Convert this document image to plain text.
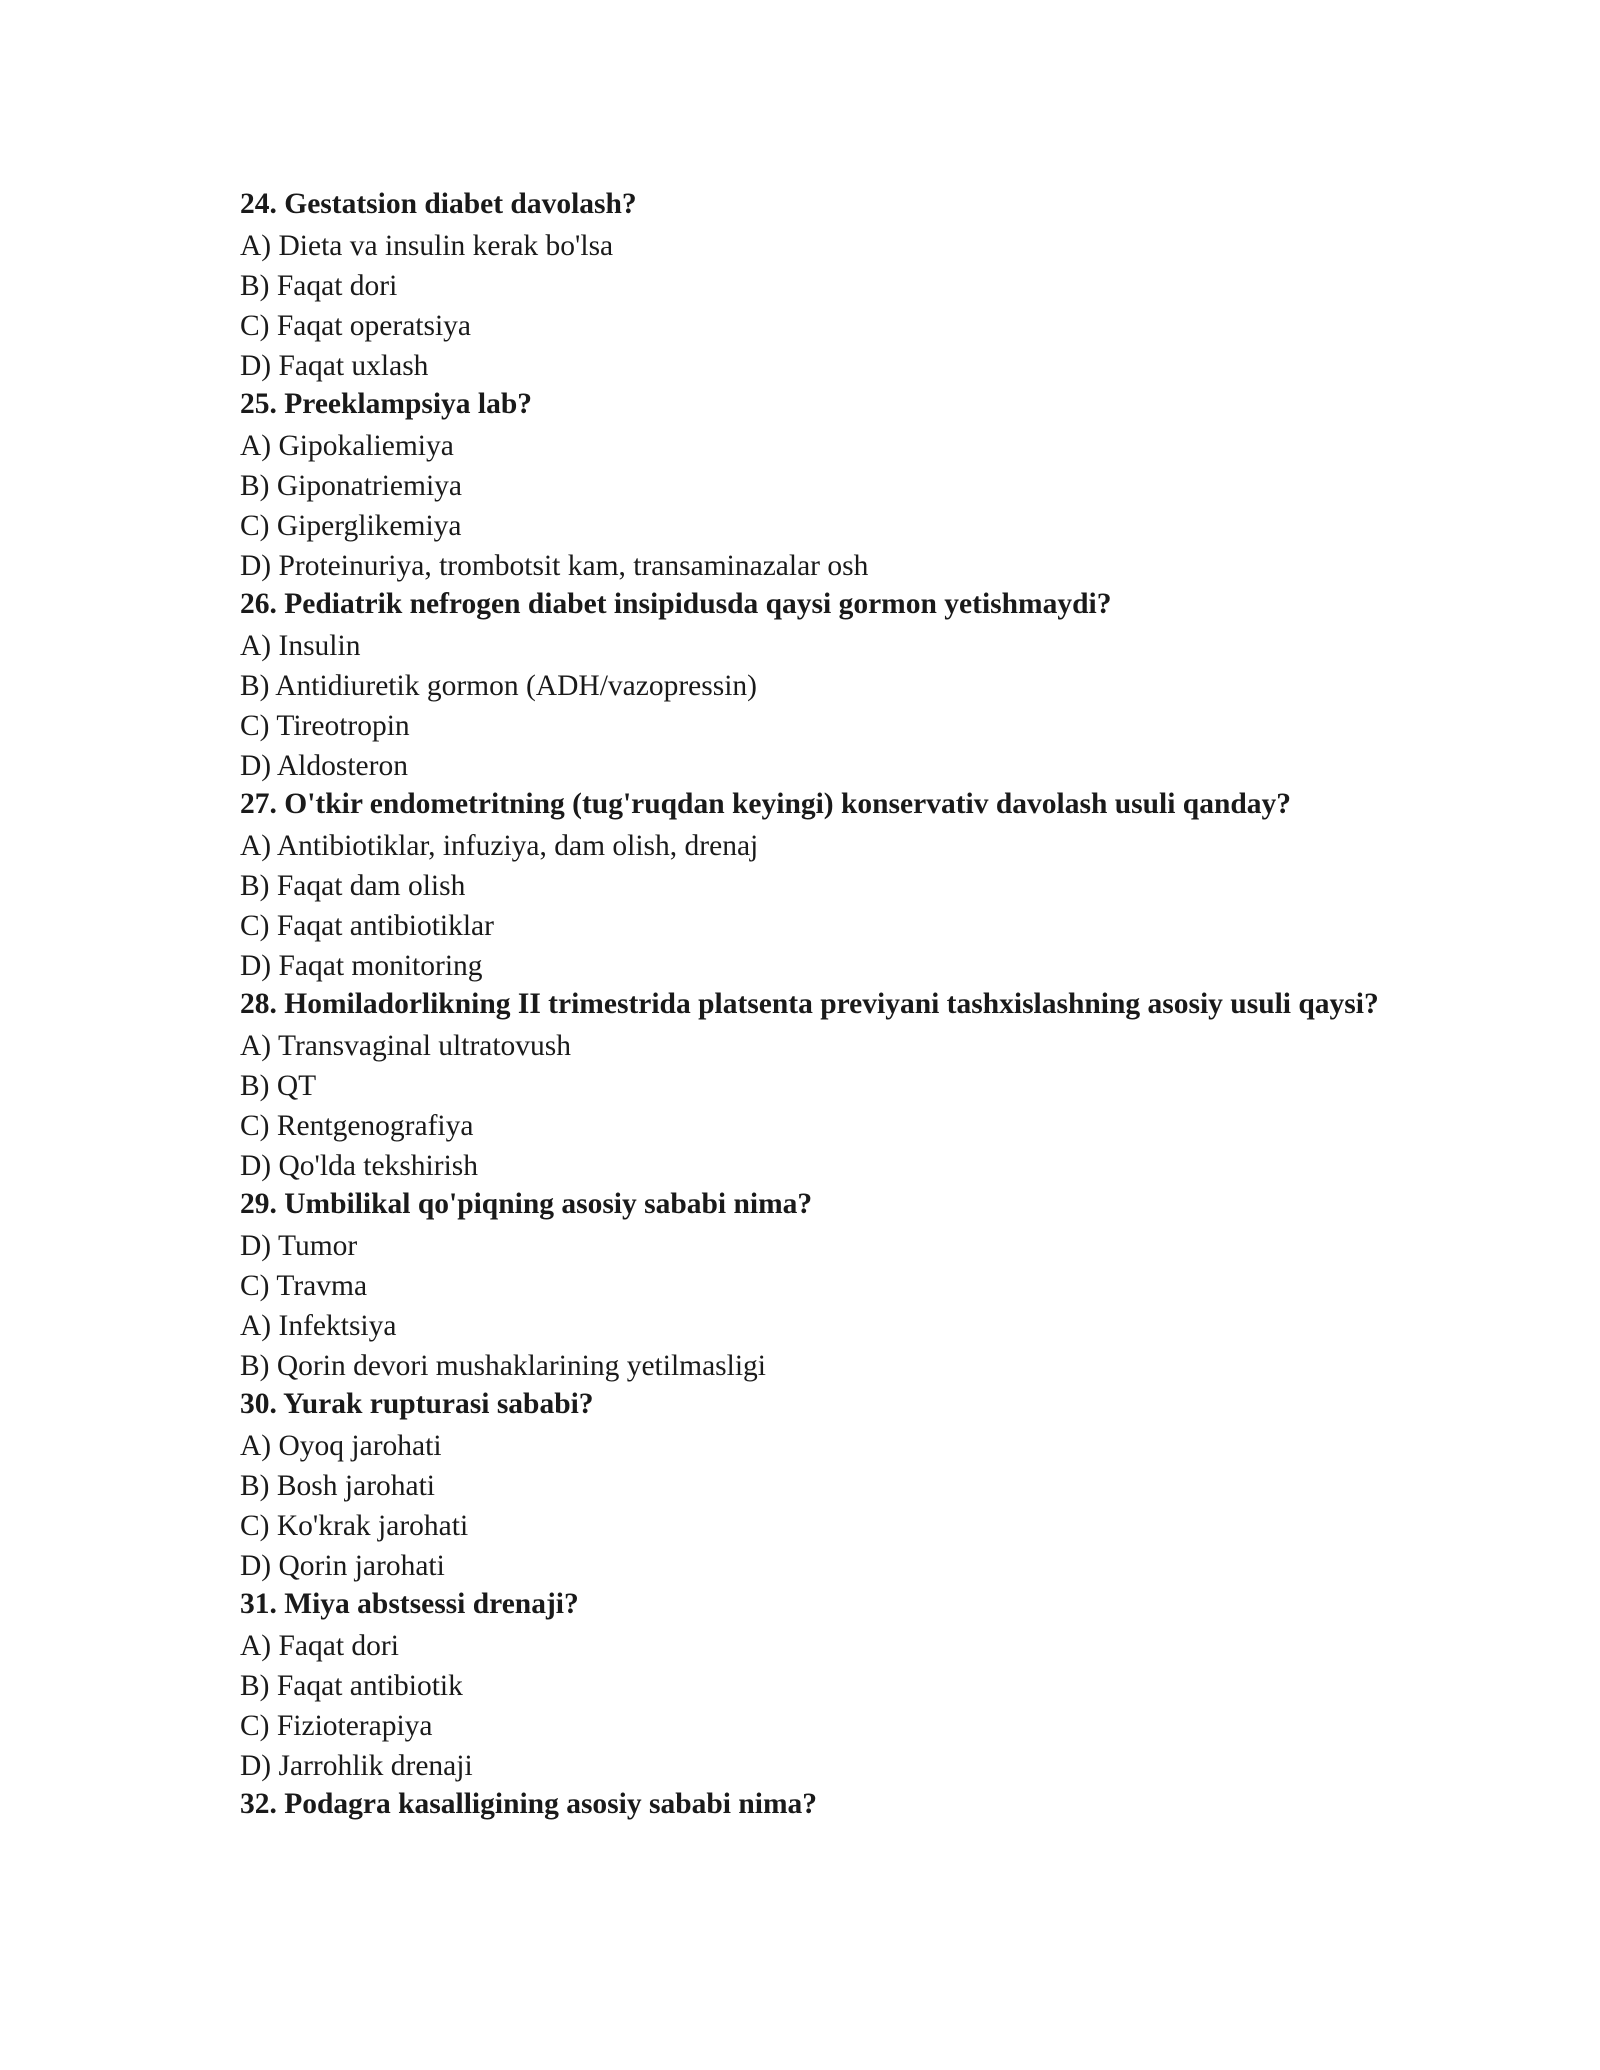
24. Gestatsion diabet davolash?

A) Dieta va insulin kerak bo'lsa

B) Faqat dori

C) Faqat operatsiya

D) Faqat uxlash

25. Preeklampsiya lab?

A) Gipokaliemiya

B) Giponatriemiya

C) Giperglikemiya

D) Proteinuriya, trombotsit kam, transaminazalar osh

26. Pediatrik nefrogen diabet insipidusda qaysi gormon yetishmaydi?

A) Insulin

B) Antidiuretik gormon (ADH/vazopressin)

C) Tireotropin

D) Aldosteron

27. O'tkir endometritning (tug'ruqdan keyingi) konservativ davolash usuli qanday?

A) Antibiotiklar, infuziya, dam olish, drenaj

B) Faqat dam olish

C) Faqat antibiotiklar

D) Faqat monitoring

28. Homiladorlikning II trimestrida platsenta previyani tashxislashning asosiy usuli qaysi?

A) Transvaginal ultratovush

B) QT

C) Rentgenografiya

D) Qo'lda tekshirish

29. Umbilikal qo'piqning asosiy sababi nima?

D) Tumor

C) Travma

A) Infektsiya

B) Qorin devori mushaklarining yetilmasligi

30. Yurak rupturasi sababi?

A) Oyoq jarohati

B) Bosh jarohati

C) Ko'krak jarohati

D) Qorin jarohati

31. Miya abstsessi drenaji?

A) Faqat dori

B) Faqat antibiotik

C) Fizioterapiya

D) Jarrohlik drenaji

32. Podagra kasalligining asosiy sababi nima?
